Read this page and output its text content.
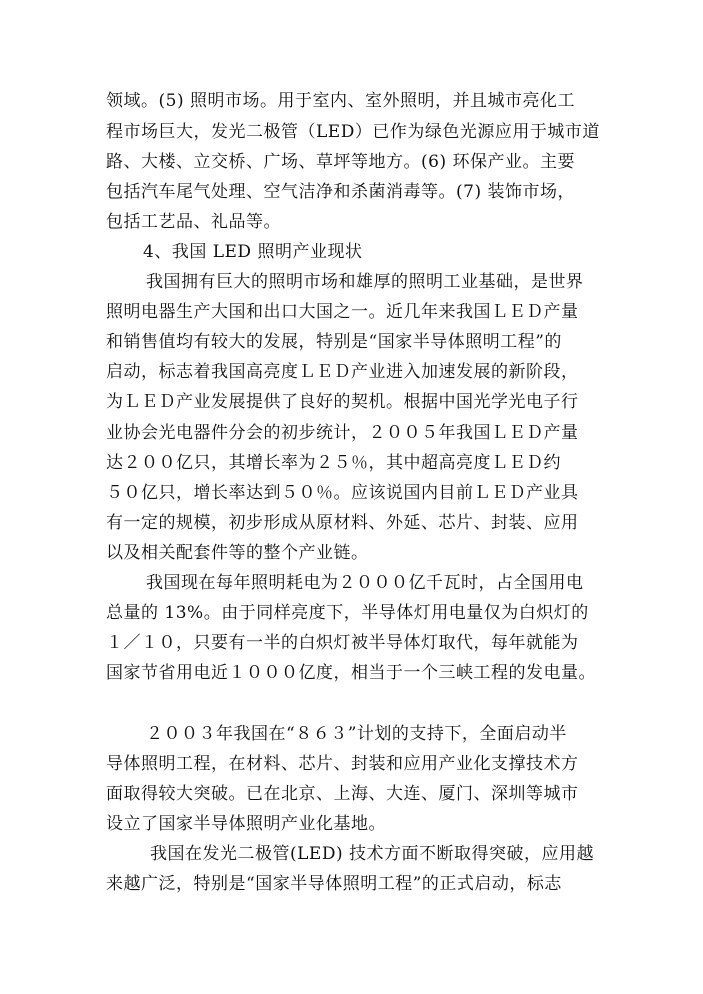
领域。(5) 照明市场。用于室内、室外照明，并且城市亮化工
程市场巨大，发光二极管（LED）已作为绿色光源应用于城市道
路、大楼、立交桥、广场、草坪等地方。(6) 环保产业。主要
包括汽车尾气处理、空气洁净和杀菌消毒等。(7) 装饰市场，
包括工艺品、礼品等。
4、我国 LED 照明产业现状
我国拥有巨大的照明市场和雄厚的照明工业基础，是世界
照明电器生产大国和出口大国之一。近几年来我国ＬＥＤ产量
和销售值均有较大的发展，特别是“国家半导体照明工程”的
启动，标志着我国高亮度ＬＥＤ产业进入加速发展的新阶段，
为ＬＥＤ产业发展提供了良好的契机。根据中国光学光电子行
业协会光电器件分会的初步统计，２００５年我国ＬＥＤ产量
达２００亿只，其增长率为２５％，其中超高亮度ＬＥＤ约
５０亿只，增长率达到５０％。应该说国内目前ＬＥＤ产业具
有一定的规模，初步形成从原材料、外延、芯片、封装、应用
以及相关配套件等的整个产业链。
我国现在每年照明耗电为２０００亿千瓦时，占全国用电
总量的 13%。由于同样亮度下，半导体灯用电量仅为白炽灯的
１／１０，只要有一半的白炽灯被半导体灯取代，每年就能为
国家节省用电近１０００亿度，相当于一个三峡工程的发电量。
２００３年我国在“８６３”计划的支持下，全面启动半
导体照明工程，在材料、芯片、封装和应用产业化支撑技术方
面取得较大突破。已在北京、上海、大连、厦门、深圳等城市
设立了国家半导体照明产业化基地。
我国在发光二极管(LED) 技术方面不断取得突破，应用越
来越广泛，特别是“国家半导体照明工程”的正式启动，标志
